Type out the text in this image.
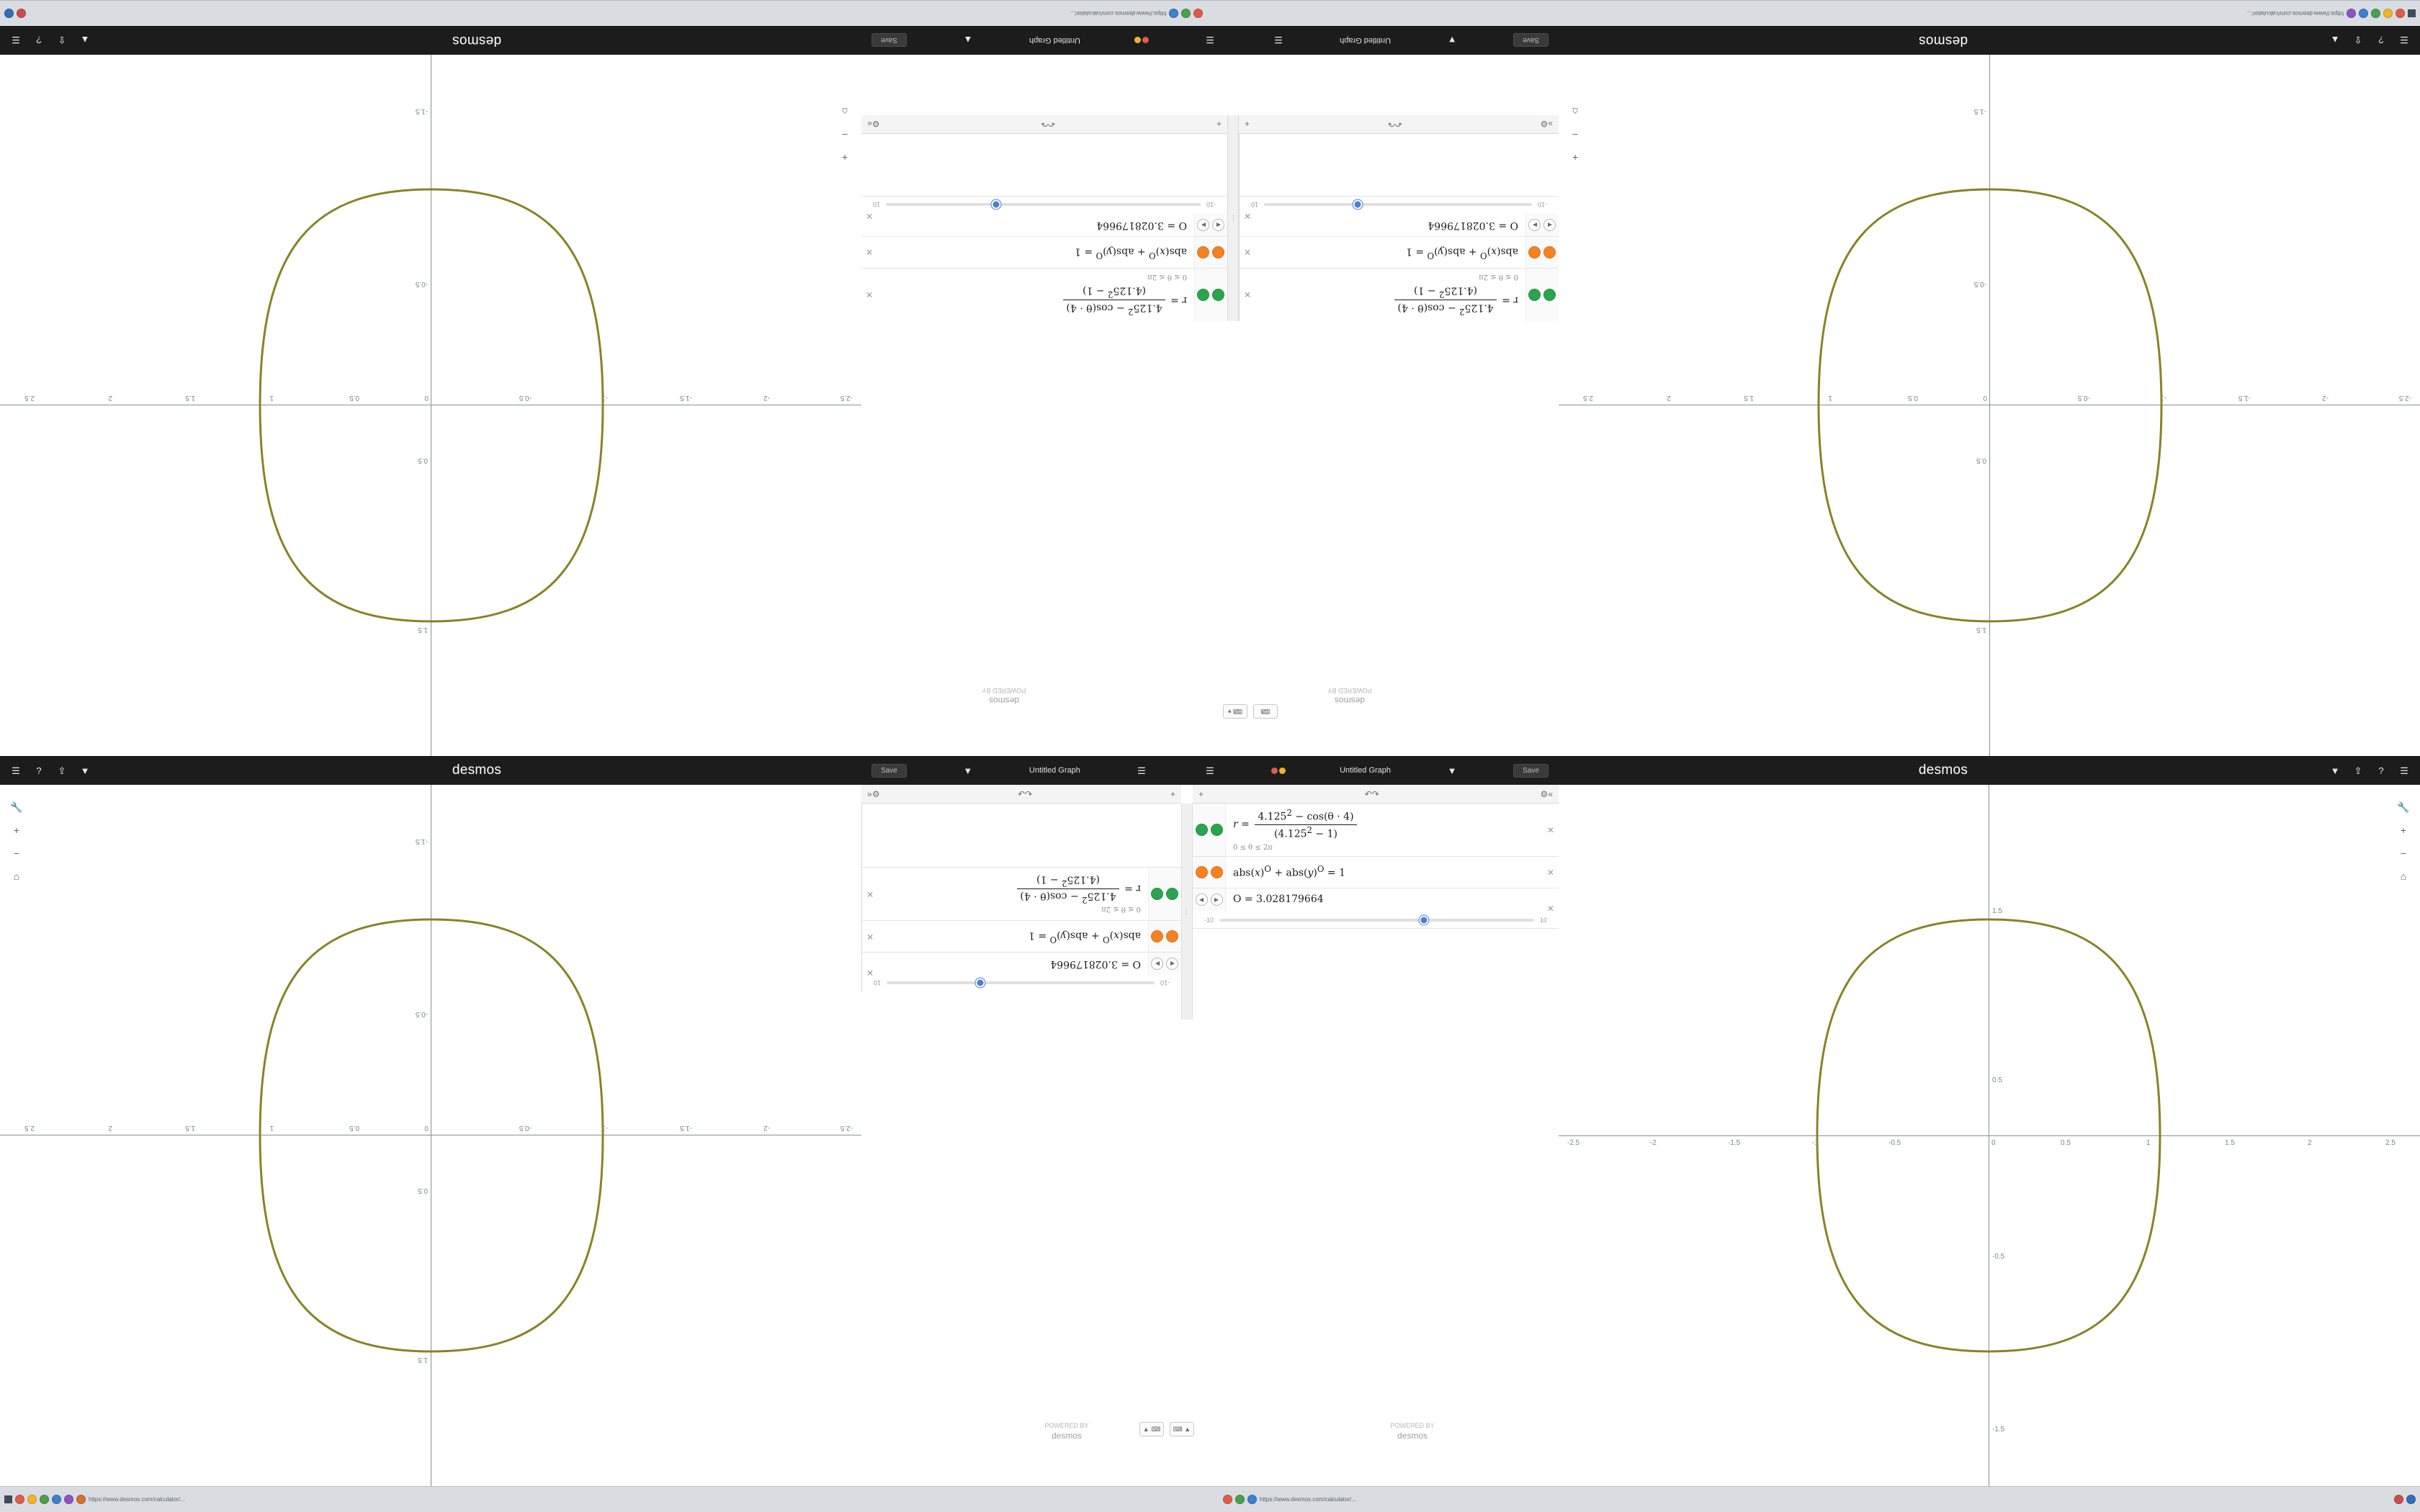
https://www.desmos.com/calculator/...
https://www.desmos.com/calculator/...
https://www.desmos.com/calculator/...	https://www.desmos.com/calculator/...
-2.5
-2
-1.5
-1
-0.5
0
0.5
1
1.5
2
2.5
1.5
0.5
-0.5
-1.5
+
−
⌂
r =
$4.125^2 - \cos(\theta \cdot 4)$
$(4.125^2 - 1)$
0 ≤ θ ≤ 2π
✕
$abs(x)^O + abs(y)^O = 1$
✕
◀
▶
O = 3.028179664
✕
-10
10
»
⚙
↶
↷
+
⋮
r =
$4.125^2 - \cos(\theta \cdot 4)$
$(4.125^2 - 1)$
0 ≤ θ ≤ 2π
✕
$abs(x)^O + abs(y)^O = 1$
✕
◀
▶
O = 3.028179664
✕
-10
10
+
↶
↷
⚙
«
⌨
⌨ ▾
desmos
POWERED BY
desmos
POWERED BY
-2.5
-2
-1.5
-1
-0.5
0
0.5
1
1.5
2
2.5
1.5
0.5
-0.5
-1.5
+
−
⌂
☰
?
⇪
▲
desmos
Save
▼
Untitled Graph
☰
☰
Untitled Graph
▲
Save
desmos
▲
⇪
?
☰
☰	?	⇪	▼	desmos	Save	▼	Untitled Graph	☰	☰	Untitled Graph	▼	Save	desmos	▼	⇪	?	☰
-2.5
-2
-1.5
-1
-0.5
0
0.5
1
1.5
2
2.5
1.5
0.5
-0.5
-1.5
🔧
+
−
⌂
» ⚙	↶ ↷	+	+	↶ ↷	⚙ «
-10
10
◀
▶
O = 3.028179664
✕
$abs(x)^O + abs(y)^O = 1$
✕
0 ≤ θ ≤ 2π
r =
$4.125^2 - \cos(\theta \cdot 4)$
$(4.125^2 - 1)$
✕
⋮
$r = \frac{4.125^2 - \cos(\theta \cdot 4)}{(4.125^2 - 1)}$
0 ≤ θ ≤ 2π
✕
$abs(x)^O + abs(y)^O = 1$	✕
◀	▶	O = 3.028179664
✕
-10	10
▲ ⌨	⌨ ▲
POWERED BY
desmos
POWERED BY
desmos
-2.5	-2	-1.5	-1	-0.5	0	0.5	1	1.5	2	2.5
1.5
0.5
-0.5
-1.5
🔧
+
−
⌂
